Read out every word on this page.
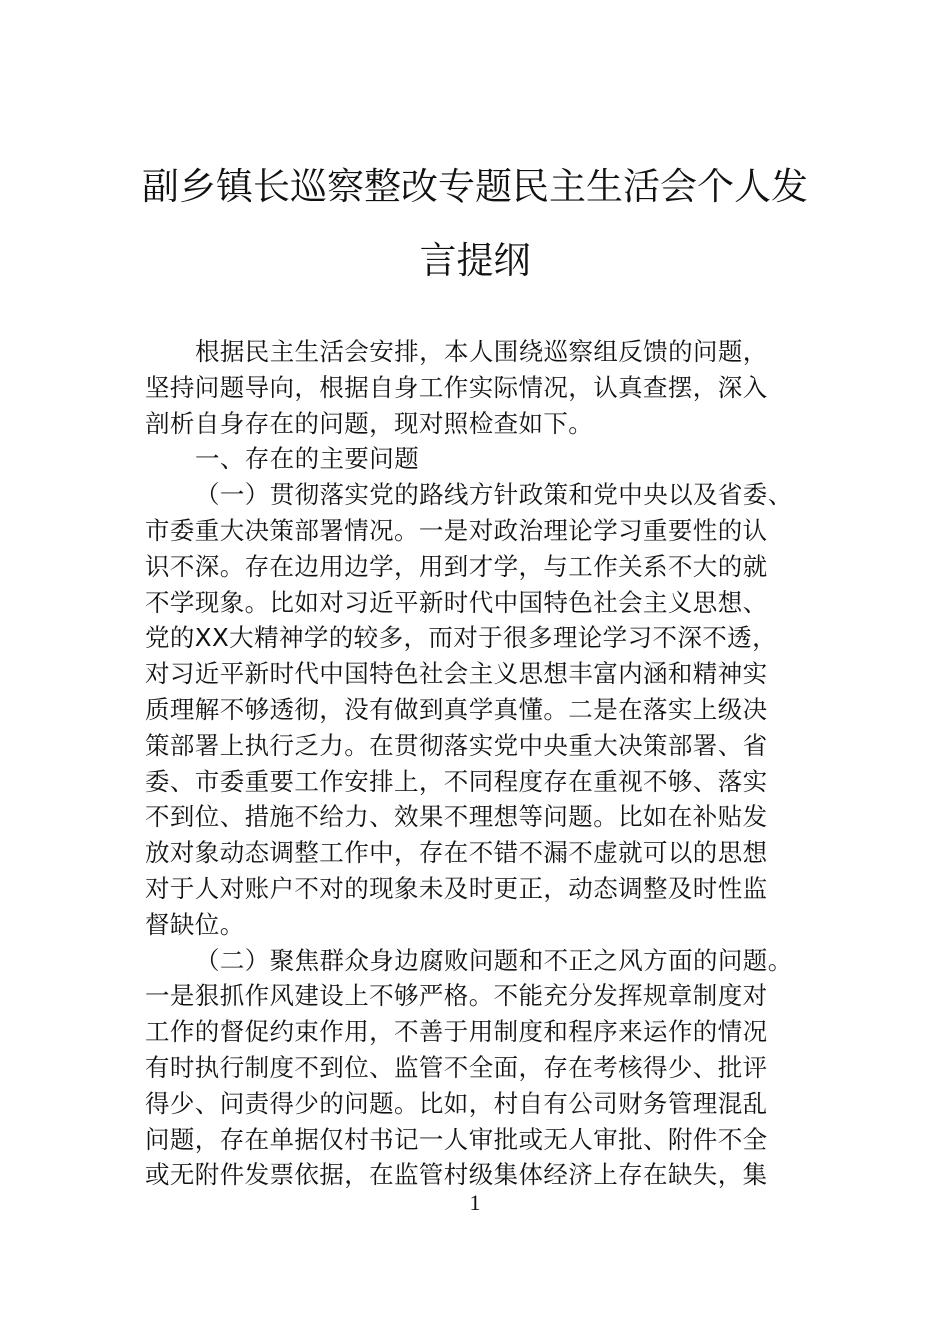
副乡镇长巡察整改专题民主生活会个人发
言提纲
根据民主生活会安排，本人围绕巡察组反馈的问题，
坚持问题导向，根据自身工作实际情况，认真查摆，深入
剖析自身存在的问题，现对照检查如下。
一、存在的主要问题
（一）贯彻落实党的路线方针政策和党中央以及省委、
市委重大决策部署情况。一是对政治理论学习重要性的认
识不深。存在边用边学，用到才学，与工作关系不大的就
不学现象。比如对习近平新时代中国特色社会主义思想、
党的XX大精神学的较多，而对于很多理论学习不深不透，
对习近平新时代中国特色社会主义思想丰富内涵和精神实
质理解不够透彻，没有做到真学真懂。二是在落实上级决
策部署上执行乏力。在贯彻落实党中央重大决策部署、省
委、市委重要工作安排上，不同程度存在重视不够、落实
不到位、措施不给力、效果不理想等问题。比如在补贴发
放对象动态调整工作中，存在不错不漏不虚就可以的思想
对于人对账户不对的现象未及时更正，动态调整及时性监
督缺位。
（二）聚焦群众身边腐败问题和不正之风方面的问题。
一是狠抓作风建设上不够严格。不能充分发挥规章制度对
工作的督促约束作用，不善于用制度和程序来运作的情况
有时执行制度不到位、监管不全面，存在考核得少、批评
得少、问责得少的问题。比如，村自有公司财务管理混乱
问题，存在单据仅村书记一人审批或无人审批、附件不全
或无附件发票依据，在监管村级集体经济上存在缺失，集
1
